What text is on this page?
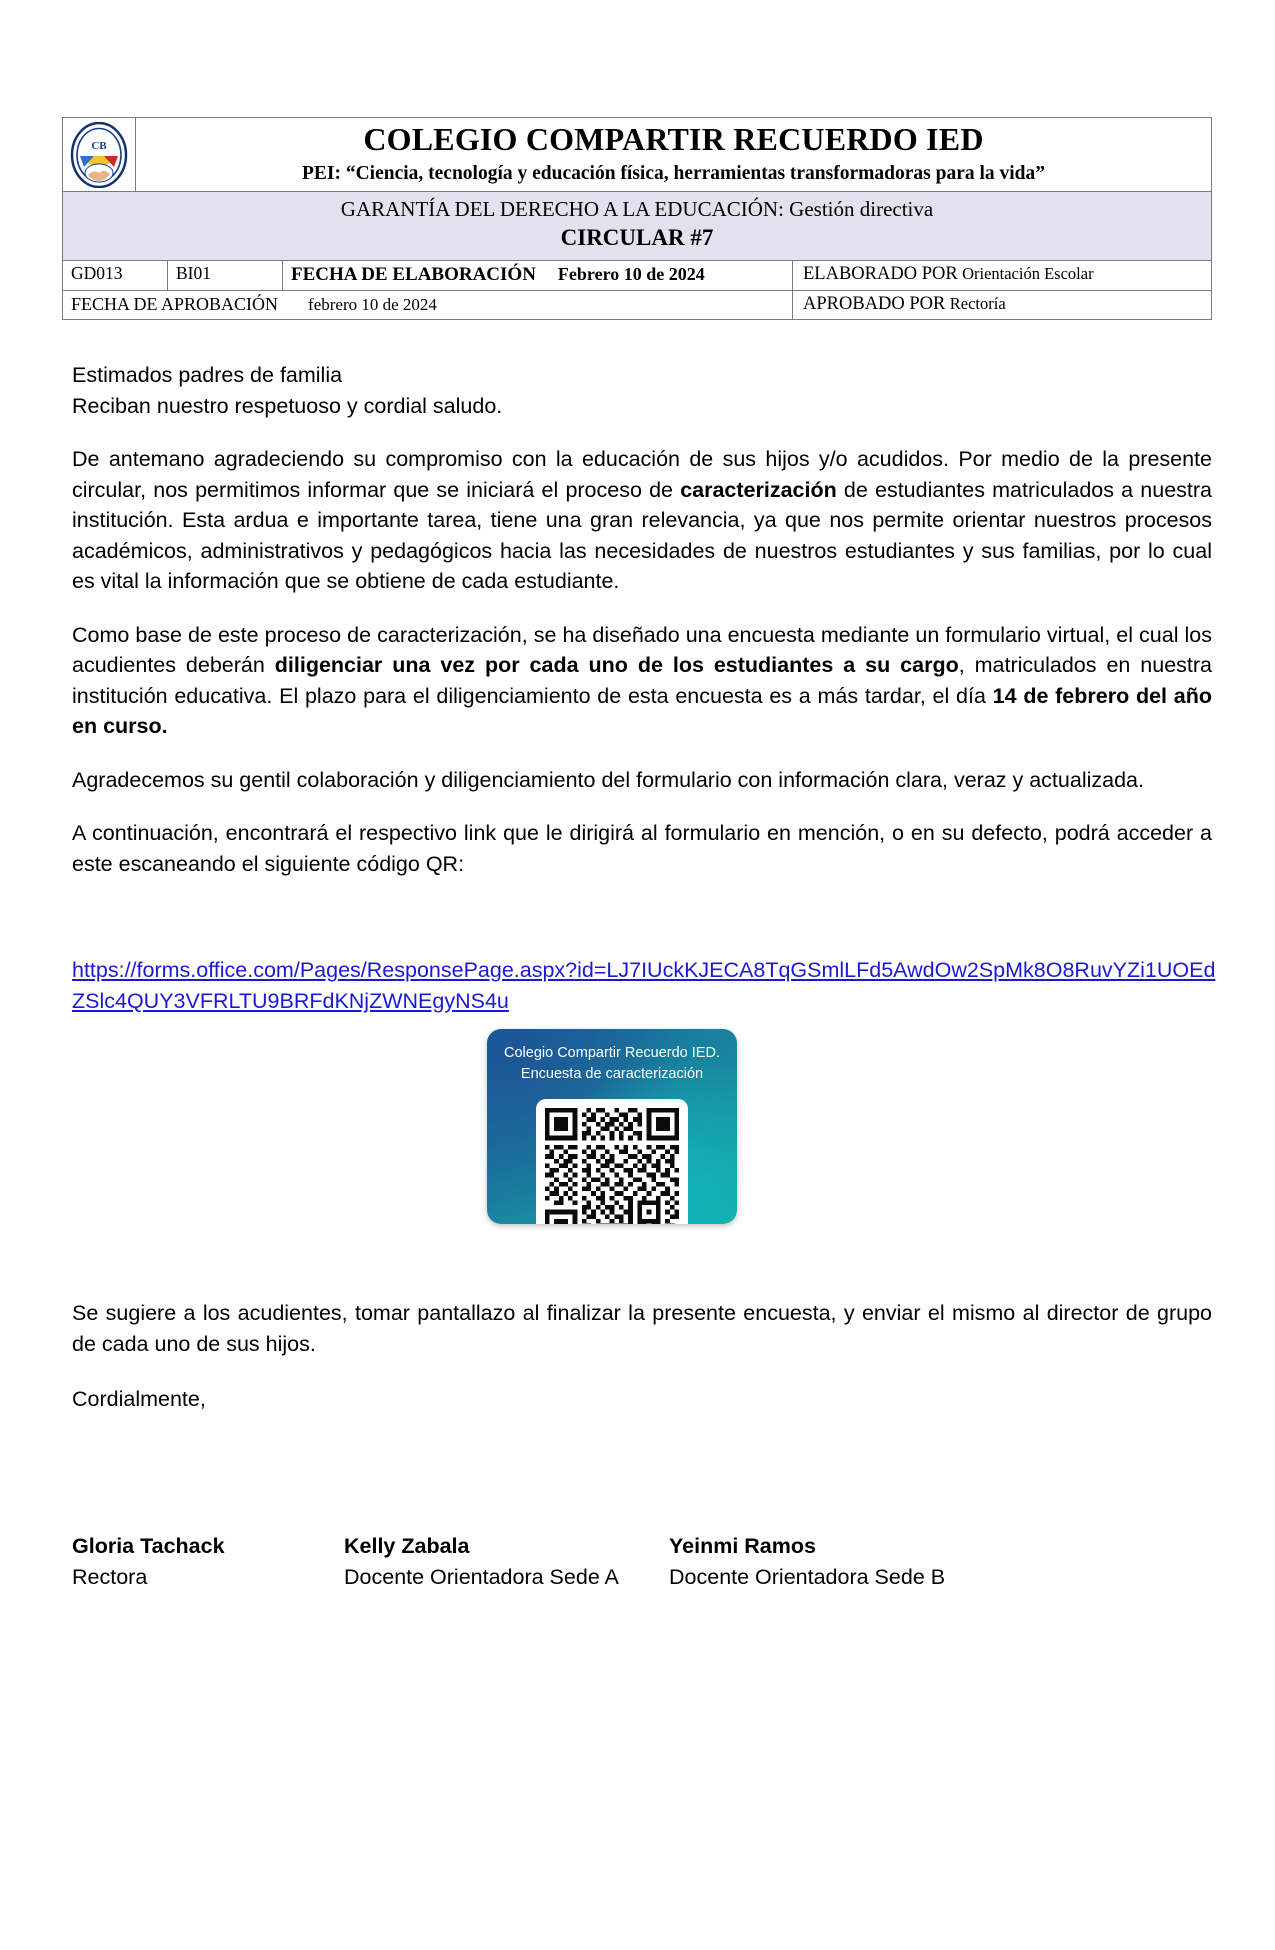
CB	COLEGIO COMPARTIR RECUERDO IED
PEI: “Ciencia, tecnología y educación física, herramientas transformadoras para la vida”
GARANTÍA DEL DERECHO A LA EDUCACIÓN: Gestión directiva
CIRCULAR #7
GD013	BI01	FECHA DE ELABORACIÓN Febrero 10 de 2024	ELABORADO POR Orientación Escolar
FECHA DE APROBACIÓN febrero 10 de 2024	APROBADO POR Rectoría

Estimados padres de familia
Reciban nuestro respetuoso y cordial saludo.

De antemano agradeciendo su compromiso con la educación de sus hijos y/o acudidos. Por medio de la presente circular, nos permitimos informar que se iniciará el proceso de caracterización de estudiantes matriculados a nuestra institución. Esta ardua e importante tarea, tiene una gran relevancia, ya que nos permite orientar nuestros procesos académicos, administrativos y pedagógicos hacia las necesidades de nuestros estudiantes y sus familias, por lo cual es vital la información que se obtiene de cada estudiante.

Como base de este proceso de caracterización, se ha diseñado una encuesta mediante un formulario virtual, el cual los acudientes deberán diligenciar una vez por cada uno de los estudiantes a su cargo, matriculados en nuestra institución educativa. El plazo para el diligenciamiento de esta encuesta es a más tardar, el día 14 de febrero del año en curso.

Agradecemos su gentil colaboración y diligenciamiento del formulario con información clara, veraz y actualizada.

A continuación, encontrará el respectivo link que le dirigirá al formulario en mención, o en su defecto, podrá acceder a este escaneando el siguiente código QR:

https://forms.office.com/Pages/ResponsePage.aspx?id=LJ7IUckKJECA8TqGSmlLFd5AwdOw2SpMk8O8RuvYZi1UOEdZSlc4QUY3VFRLTU9BRFdKNjZWNEgyNS4u
Colegio Compartir Recuerdo IED.
Encuesta de caracterización

Se sugiere a los acudientes, tomar pantallazo al finalizar la presente encuesta, y enviar el mismo al director de grupo de cada uno de sus hijos.

Cordialmente,

Gloria Tachack
Rectora
Kelly Zabala
Docente Orientadora Sede A
Yeinmi Ramos
Docente Orientadora Sede B
